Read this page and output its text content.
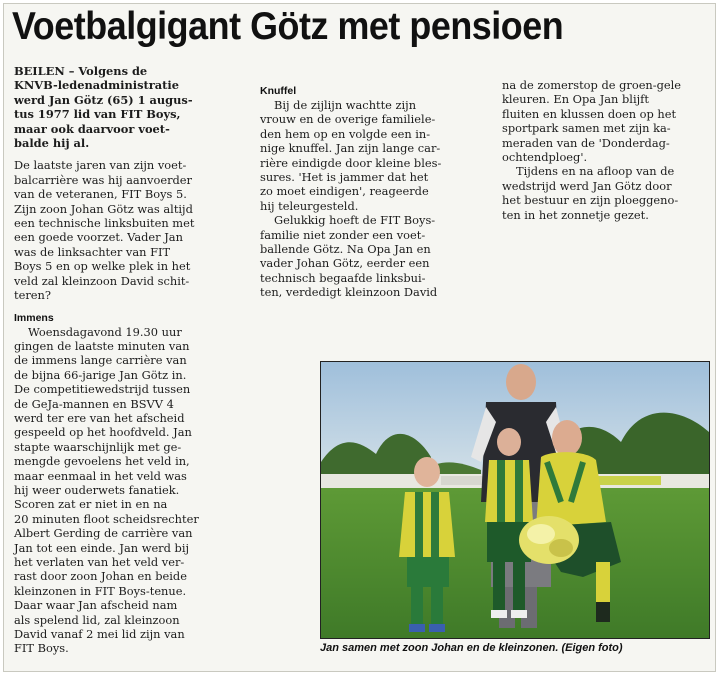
Voetbalgigant Götz met pensioen
BEILEN – Volgens de
KNVB-ledenadministratie
werd Jan Götz (65) 1 augus-
tus 1977 lid van FIT Boys,
maar ook daarvoor voet-
balde hij al.
De laatste jaren van zijn voet-
balcarrière was hij aanvoerder
van de veteranen, FIT Boys 5.
Zijn zoon Johan Götz was altijd
een technische linksbuiten met
een goede voorzet. Vader Jan
was de linksachter van FIT
Boys 5 en op welke plek in het
veld zal kleinzoon David schit-
teren?
Immens
Woensdagavond 19.30 uur
gingen de laatste minuten van
de immens lange carrière van
de bijna 66-jarige Jan Götz in.
De competitiewedstrijd tussen
de GeJa-mannen en BSVV 4
werd ter ere van het afscheid
gespeeld op het hoofdveld. Jan
stapte waarschijnlijk met ge-
mengde gevoelens het veld in,
maar eenmaal in het veld was
hij weer ouderwets fanatiek.
Scoren zat er niet in en na
20 minuten floot scheidsrechter
Albert Gerding de carrière van
Jan tot een einde. Jan werd bij
het verlaten van het veld ver-
rast door zoon Johan en beide
kleinzonen in FIT Boys-tenue.
Daar waar Jan afscheid nam
als spelend lid, zal kleinzoon
David vanaf 2 mei lid zijn van
FIT Boys.
Knuffel
Bij de zijlijn wachtte zijn
vrouw en de overige familiele-
den hem op en volgde een in-
nige knuffel. Jan zijn lange car-
rière eindigde door kleine bles-
sures. 'Het is jammer dat het
zo moet eindigen', reageerde
hij teleurgesteld.
Gelukkig hoeft de FIT Boys-
familie niet zonder een voet-
ballende Götz. Na Opa Jan en
vader Johan Götz, eerder een
technisch begaafde linksbui-
ten, verdedigt kleinzoon David
na de zomerstop de groen-gele
kleuren. En Opa Jan blijft
fluiten en klussen doen op het
sportpark samen met zijn ka-
meraden van de 'Donderdag-
ochtendploeg'.
Tijdens en na afloop van de
wedstrijd werd Jan Götz door
het bestuur en zijn ploeggeno-
ten in het zonnetje gezet.
Jan samen met zoon Johan en de kleinzonen. (Eigen foto)
